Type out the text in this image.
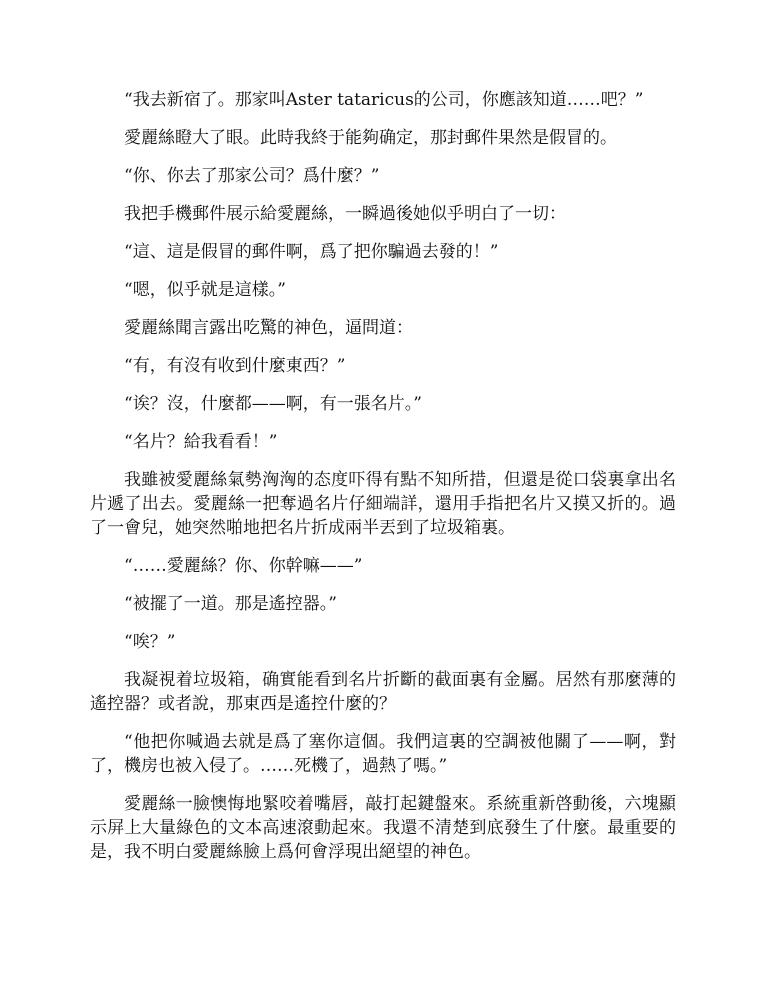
“我去新宿了。那家叫Aster tataricus的公司，你應該知道……吧？”

愛麗絲瞪大了眼。此時我終于能夠确定，那封郵件果然是假冒的。

“你、你去了那家公司？爲什麼？”

我把手機郵件展示給愛麗絲，一瞬過後她似乎明白了一切：

“這、這是假冒的郵件啊，爲了把你騙過去發的！”

“嗯，似乎就是這樣。”

愛麗絲聞言露出吃驚的神色，逼問道：

“有，有沒有收到什麼東西？”

“诶？沒，什麼都——啊，有一張名片。”

“名片？給我看看！”

我雖被愛麗絲氣勢洶洶的态度吓得有點不知所措，但還是從口袋裏拿出名片遞了出去。愛麗絲一把奪過名片仔細端詳，還用手指把名片又摸又折的。過了一會兒，她突然啪地把名片折成兩半丟到了垃圾箱裏。

“……愛麗絲？你、你幹嘛——”

“被擺了一道。那是遙控器。”

“唉？”

我凝視着垃圾箱，确實能看到名片折斷的截面裏有金屬。居然有那麼薄的遙控器？或者說，那東西是遙控什麼的？

“他把你喊過去就是爲了塞你這個。我們這裏的空調被他關了——啊，對了，機房也被入侵了。……死機了，過熱了嗎。”

愛麗絲一臉懊悔地緊咬着嘴唇，敲打起鍵盤來。系統重新啓動後，六塊顯示屏上大量綠色的文本高速滾動起來。我還不清楚到底發生了什麼。最重要的是，我不明白愛麗絲臉上爲何會浮現出絕望的神色。
